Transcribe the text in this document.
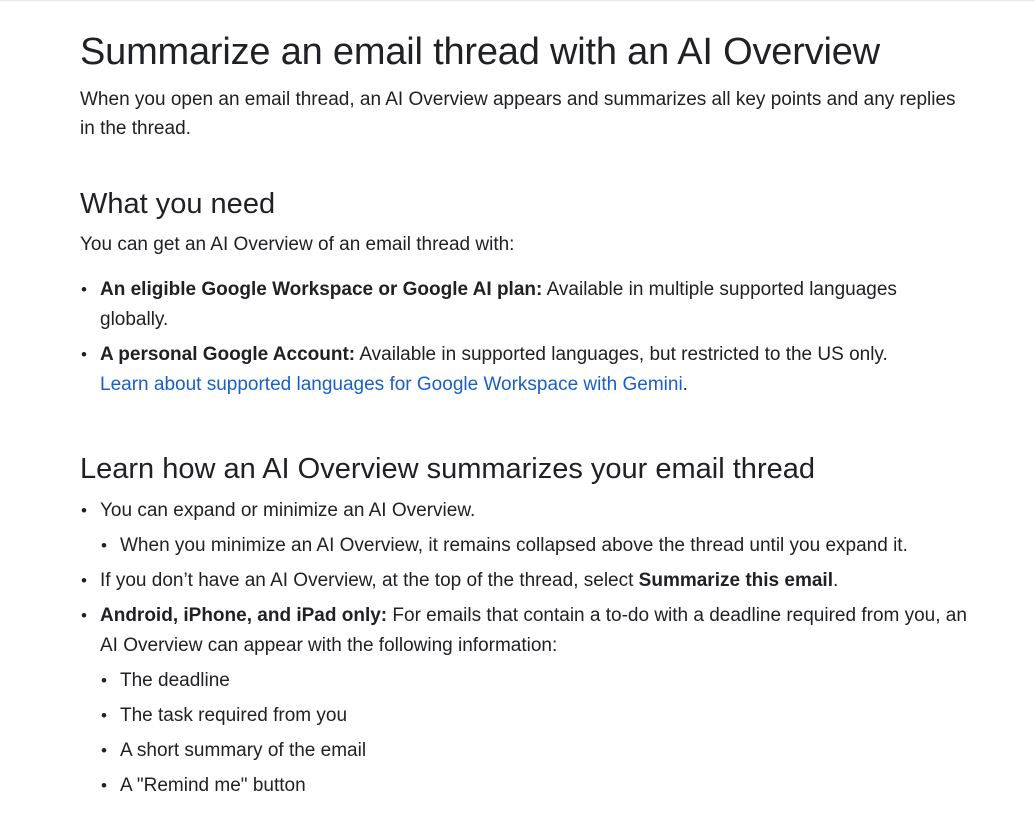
Summarize an email thread with an AI Overview

When you open an email thread, an AI Overview appears and summarizes all key points and any replies in the thread.

What you need

You can get an AI Overview of an email thread with:

• An eligible Google Workspace or Google AI plan: Available in multiple supported languages globally.
• A personal Google Account: Available in supported languages, but restricted to the US only.
Learn about supported languages for Google Workspace with Gemini.
Learn how an AI Overview summarizes your email thread
• You can expand or minimize an AI Overview.
• When you minimize an AI Overview, it remains collapsed above the thread until you expand it.
• If you don’t have an AI Overview, at the top of the thread, select Summarize this email.
• Android, iPhone, and iPad only: For emails that contain a to-do with a deadline required from you, an AI Overview can appear with the following information:
• The deadline
• The task required from you
• A short summary of the email
• A "Remind me" button
